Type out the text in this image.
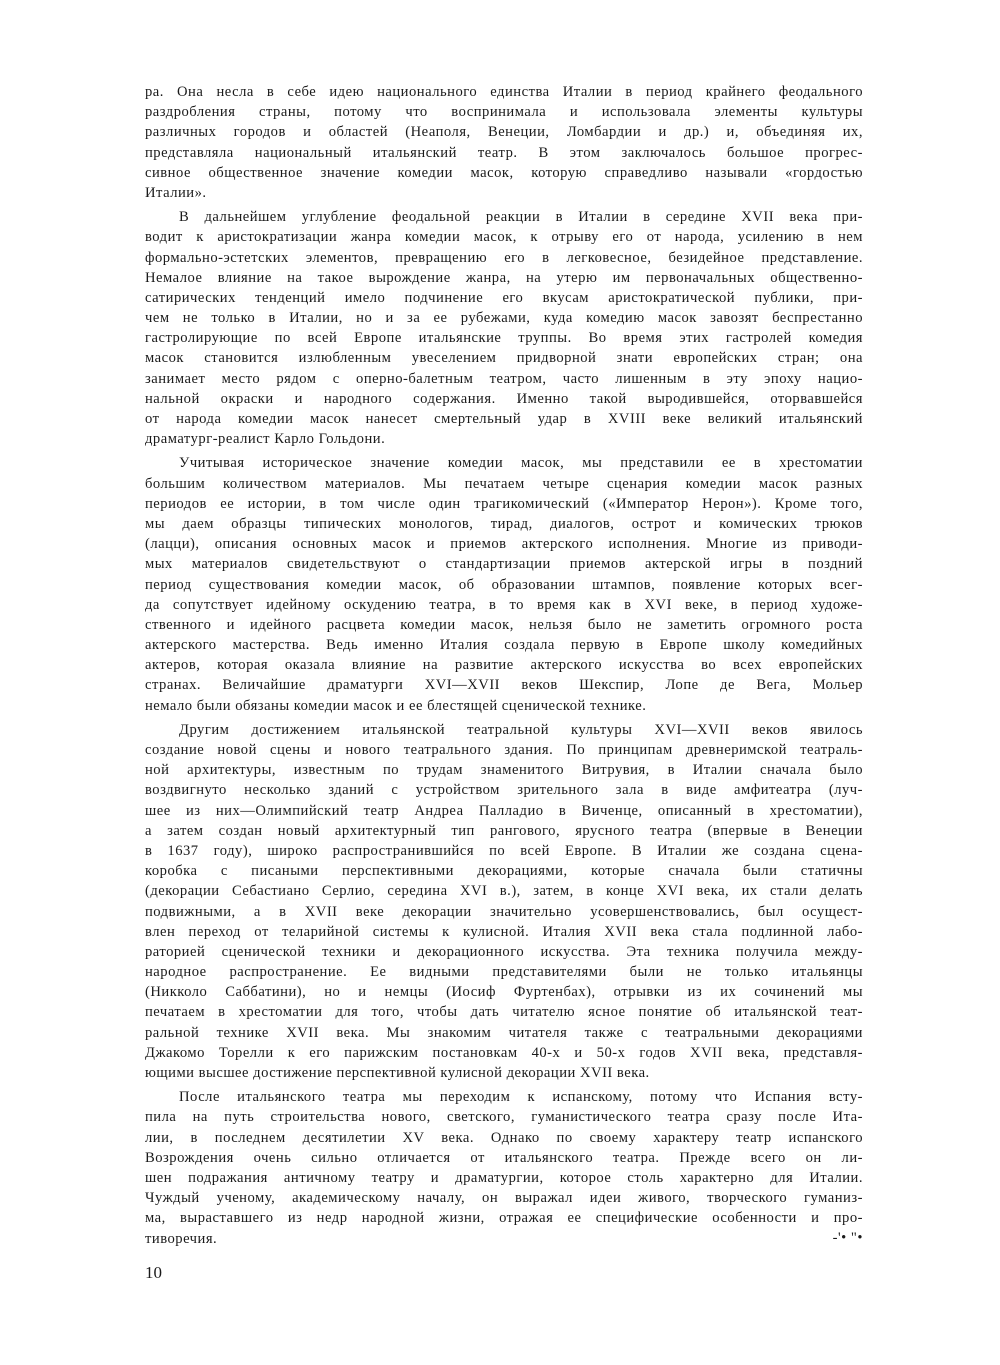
ра. Она несла в себе идею национального единства Италии в период крайнего феодального
раздробления страны, потому что воспринимала и использовала элементы культуры
различных городов и областей (Неаполя, Венеции, Ломбардии и др.) и, объединяя их,
представляла национальный итальянский театр. В этом заключалось большое прогрес-
сивное общественное значение комедии масок, которую справедливо называли «гордостью
Италии».
В дальнейшем углубление феодальной реакции в Италии в середине XVII века при-
водит к аристократизации жанра комедии масок, к отрыву его от народа, усилению в нем
формально-эстетских элементов, превращению его в легковесное, безидейное представление.
Немалое влияние на такое вырождение жанра, на утерю им первоначальных общественно-
сатирических тенденций имело подчинение его вкусам аристократической публики, при-
чем не только в Италии, но и за ее рубежами, куда комедию масок завозят беспрестанно
гастролирующие по всей Европе итальянские труппы. Во время этих гастролей комедия
масок становится излюбленным увеселением придворной знати европейских стран; она
занимает место рядом с оперно-балетным театром, часто лишенным в эту эпоху нацио-
нальной окраски и народного содержания. Именно такой выродившейся, оторвавшейся
от народа комедии масок нанесет смертельный удар в XVIII веке великий итальянский
драматург-реалист Карло Гольдони.
Учитывая историческое значение комедии масок, мы представили ее в хрестоматии
большим количеством материалов. Мы печатаем четыре сценария комедии масок разных
периодов ее истории, в том числе один трагикомический («Император Нерон»). Кроме того,
мы даем образцы типических монологов, тирад, диалогов, острот и комических трюков
(лацци), описания основных масок и приемов актерского исполнения. Многие из приводи-
мых материалов свидетельствуют о стандартизации приемов актерской игры в поздний
период существования комедии масок, об образовании штампов, появление которых всег-
да сопутствует идейному оскудению театра, в то время как в XVI веке, в период художе-
ственного и идейного расцвета комедии масок, нельзя было не заметить огромного роста
актерского мастерства. Ведь именно Италия создала первую в Европе школу комедийных
актеров, которая оказала влияние на развитие актерского искусства во всех европейских
странах. Величайшие драматурги XVI—XVII веков Шекспир, Лопе де Вега, Мольер
немало были обязаны комедии масок и ее блестящей сценической технике.
Другим достижением итальянской театральной культуры XVI—XVII веков явилось
создание новой сцены и нового театрального здания. По принципам древнеримской театраль-
ной архитектуры, известным по трудам знаменитого Витрувия, в Италии сначала было
воздвигнуто несколько зданий с устройством зрительного зала в виде амфитеатра (луч-
шее из них—Олимпийский театр Андреа Палладио в Виченце, описанный в хрестоматии),
а затем создан новый архитектурный тип рангового, ярусного театра (впервые в Венеции
в 1637 году), широко распространившийся по всей Европе. В Италии же создана сцена-
коробка с писаными перспективными декорациями, которые сначала были статичны
(декорации Себастиано Серлио, середина XVI в.), затем, в конце XVI века, их стали делать
подвижными, а в XVII веке декорации значительно усовершенствовались, был осущест-
влен переход от теларийной системы к кулисной. Италия XVII века стала подлинной лабо-
раторией сценической техники и декорационного искусства. Эта техника получила между-
народное распространение. Ее видными представителями были не только итальянцы
(Никколо Саббатини), но и немцы (Иосиф Фуртенбах), отрывки из их сочинений мы
печатаем в хрестоматии для того, чтобы дать читателю ясное понятие об итальянской теат-
ральной технике XVII века. Мы знакомим читателя также с театральными декорациями
Джакомо Торелли к его парижским постановкам 40-х и 50-х годов XVII века, представля-
ющими высшее достижение перспективной кулисной декорации XVII века.
После итальянского театра мы переходим к испанскому, потому что Испания всту-
пила на путь строительства нового, светского, гуманистического театра сразу после Ита-
лии, в последнем десятилетии XV века. Однако по своему характеру театр испанского
Возрождения очень сильно отличается от итальянского театра. Прежде всего он ли-
шен подражания античному театру и драматургии, которое столь характерно для Италии.
Чуждый ученому, академическому началу, он выражал идеи живого, творческого гуманиз-
ма, выраставшего из недр народной жизни, отражая ее специфические особенности и про-
тиворечия.	-'• "•
10
